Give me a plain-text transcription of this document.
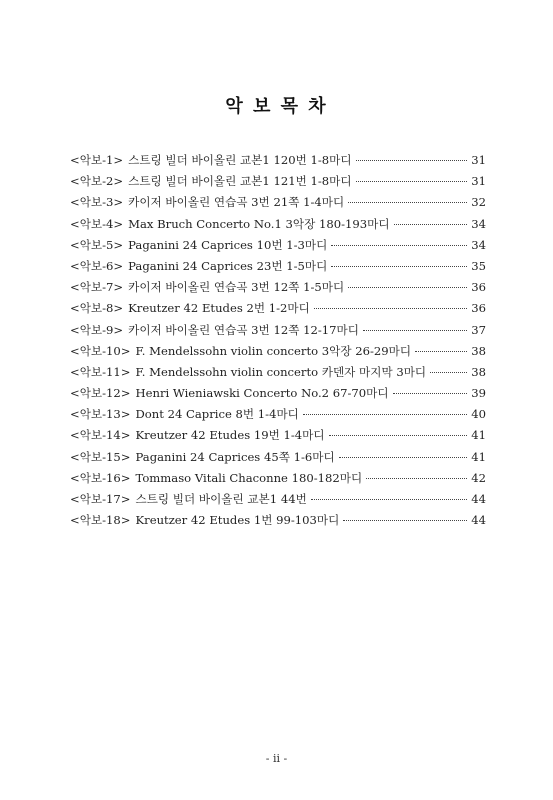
악 보 목 차
<악보-1> 스트링 빌더 바이올린 교본1 120번 1-8마디	31
<악보-2> 스트링 빌더 바이올린 교본1 121번 1-8마디	31
<악보-3> 카이저 바이올린 연습곡 3번 21쪽 1-4마디	32
<악보-4> Max Bruch Concerto No.1 3악장 180-193마디	34
<악보-5> Paganini 24 Caprices 10번 1-3마디	34
<악보-6> Paganini 24 Caprices 23번 1-5마디	35
<악보-7> 카이저 바이올린 연습곡 3번 12쪽 1-5마디	36
<악보-8> Kreutzer 42 Etudes 2번 1-2마디	36
<악보-9> 카이저 바이올린 연습곡 3번 12쪽 12-17마디	37
<악보-10> F. Mendelssohn violin concerto 3악장 26-29마디	38
<악보-11> F. Mendelssohn violin concerto 카덴자 마지막 3마디	38
<악보-12> Henri Wieniawski Concerto No.2 67-70마디	39
<악보-13> Dont 24 Caprice 8번 1-4마디	40
<악보-14> Kreutzer 42 Etudes 19번 1-4마디	41
<악보-15> Paganini 24 Caprices 45쪽 1-6마디	41
<악보-16> Tommaso Vitali Chaconne 180-182마디	42
<악보-17> 스트링 빌더 바이올린 교본1 44번	44
<악보-18> Kreutzer 42 Etudes 1번 99-103마디	44
- ii -
